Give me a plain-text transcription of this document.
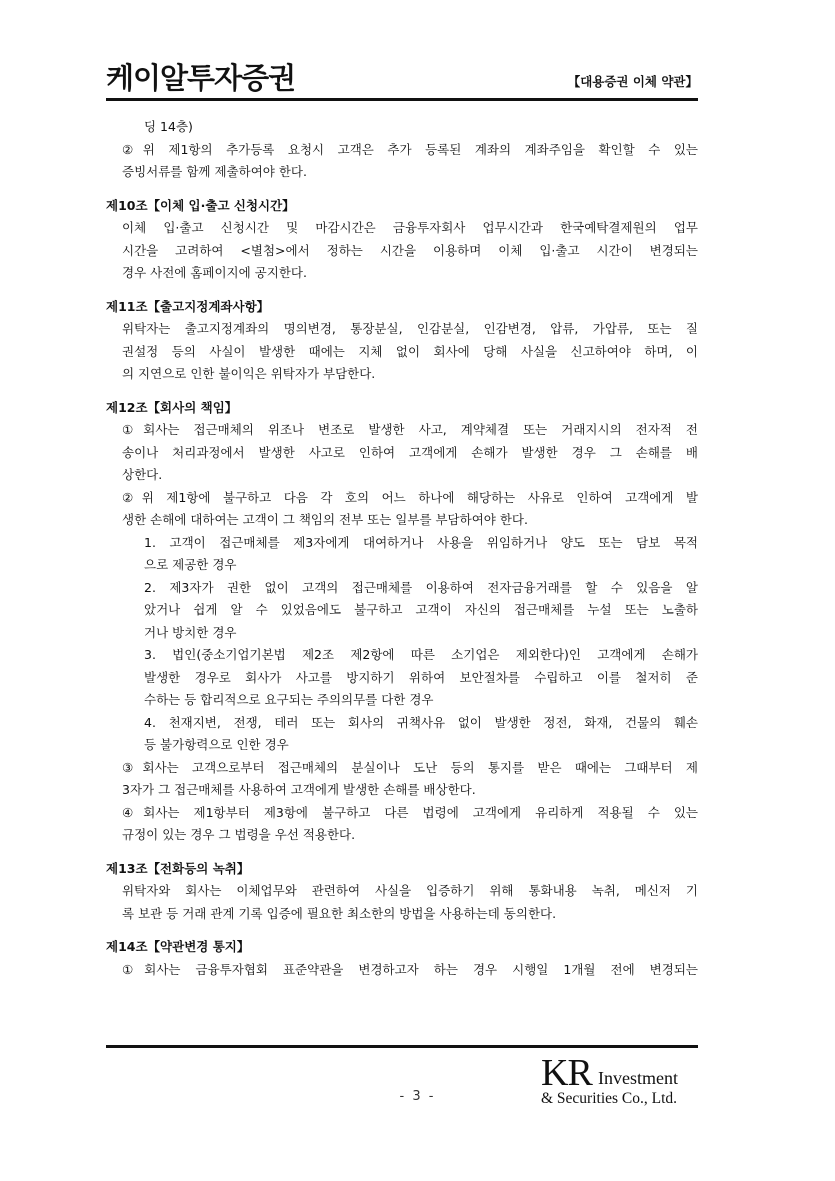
케이알투자증권	【대용증권 이체 약관】
딩 14층)
②위 제1항의 추가등록 요청시 고객은 추가 등록된 계좌의 계좌주임을 확인할 수 있는
증빙서류를 함께 제출하여야 한다.
제10조【이체 입·출고 신청시간】
이체 입·출고 신청시간 및 마감시간은 금융투자회사 업무시간과 한국예탁결제원의 업무
시간을 고려하여 <별첨>에서 정하는 시간을 이용하며 이체 입·출고 시간이 변경되는
경우 사전에 홈페이지에 공지한다.
제11조【출고지정계좌사항】
위탁자는 출고지정계좌의 명의변경, 통장분실, 인감분실, 인감변경, 압류, 가압류, 또는 질
권설정 등의 사실이 발생한 때에는 지체 없이 회사에 당해 사실을 신고하여야 하며, 이
의 지연으로 인한 불이익은 위탁자가 부담한다.
제12조【회사의 책임】
①회사는 접근매체의 위조나 변조로 발생한 사고, 계약체결 또는 거래지시의 전자적 전
송이나 처리과정에서 발생한 사고로 인하여 고객에게 손해가 발생한 경우 그 손해를 배
상한다.
②위 제1항에 불구하고 다음 각 호의 어느 하나에 해당하는 사유로 인하여 고객에게 발
생한 손해에 대하여는 고객이 그 책임의 전부 또는 일부를 부담하여야 한다.
1. 고객이 접근매체를 제3자에게 대여하거나 사용을 위임하거나 양도 또는 담보 목적
으로 제공한 경우
2. 제3자가 권한 없이 고객의 접근매체를 이용하여 전자금융거래를 할 수 있음을 알
았거나 쉽게 알 수 있었음에도 불구하고 고객이 자신의 접근매체를 누설 또는 노출하
거나 방치한 경우
3. 법인(중소기업기본법 제2조 제2항에 따른 소기업은 제외한다)인 고객에게 손해가
발생한 경우로 회사가 사고를 방지하기 위하여 보안절차를 수립하고 이를 철저히 준
수하는 등 합리적으로 요구되는 주의의무를 다한 경우
4. 천재지변, 전쟁, 테러 또는 회사의 귀책사유 없이 발생한 정전, 화재, 건물의 훼손
등 불가항력으로 인한 경우
③회사는 고객으로부터 접근매체의 분실이나 도난 등의 통지를 받은 때에는 그때부터 제
3자가 그 접근매체를 사용하여 고객에게 발생한 손해를 배상한다.
④회사는 제1항부터 제3항에 불구하고 다른 법령에 고객에게 유리하게 적용될 수 있는
규정이 있는 경우 그 법령을 우선 적용한다.
제13조【전화등의 녹취】
위탁자와 회사는 이체업무와 관련하여 사실을 입증하기 위해 통화내용 녹취, 메신저 기
록 보관 등 거래 관계 기록 입증에 필요한 최소한의 방법을 사용하는데 동의한다.
제14조【약관변경 통지】
①회사는 금융투자협회 표준약관을 변경하고자 하는 경우 시행일 1개월 전에 변경되는
- 3 -
KR Investment
& Securities Co., Ltd.
